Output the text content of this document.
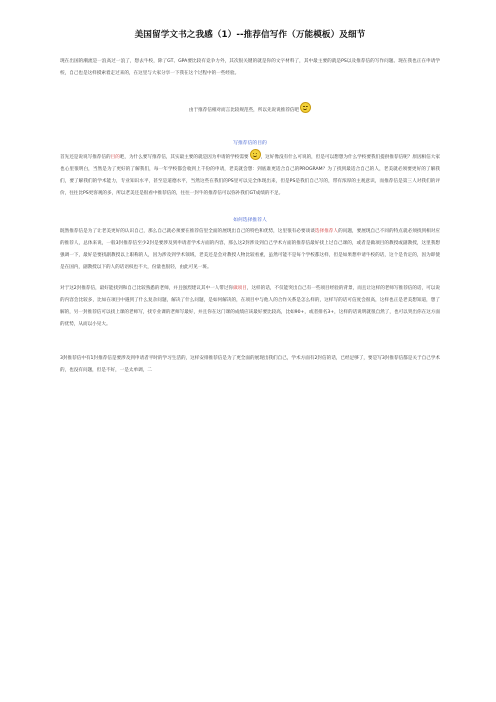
美国留学文书之我感（1）--推荐信写作（万能模板）及细节

现在出国的潮流是一浪高过一浪了，想去牛校，除了GT、GPA要比较有竞争力外，其次很关键的就是你的文字材料了，其中最主要的就是PS以及推荐信的写作问题。现在我也正在申请学校，自己也是这样摸索着走过来的，在这里与大家分享一下我在这个过程中的一些经验。

由于推荐信相对而言比较规范些，所以先说说推荐信吧

写推荐信的目的

首先还是说说写推荐信的目的吧，为什么要写推荐信，其实最主要的就是因为申请的学校需要	，这好像没有什么可说的，但是可以想想为什么学校要我们提供推荐信呢？原因相信大家也心里很明白，当然是为了更好的了解我们，每一年学校都会收到上千份的申请，老美就会想：到底谁更适合自己的PROGRAM？为了找到最适合自己的人，老美就必须要更好的了解我们，要了解我们的学术能力，专业知识水平，甚至是道德水平，当然这些在我们的PS里可以完全体现出来，但是PS是我们自己写的，带有浓厚的主观意识，而推荐信是第三人对我们的评价，往往比PS更客观的多，所以老美还是很看中推荐信的，往往一封牛的推荐信可以弥补我们GT成绩的不足。

如何选择推荐人

既然推荐信是为了让老美更好的认识自己，那么自己就必须要在推荐信里全面的展现出自己的特色和优势，这里很有必要谈谈选择推荐人的问题，要展现自己不同的特点就必须找到相对应的推荐人，总体来说，一般3封推荐信至少2封是要涉及到申请者学术方面的内容，那么这2封涉及到自己学术方面的推荐信最好找上过自己课的，或者是做项目的教授或副教授，这里我想强调一下，最好是要找副教授以上职称的人，因为涉及到学术领域，老美还是会对教授人物比较看重，虽然可能不是每个学校都这样，但是如果想申请牛校的话，这个是肯定的，因为即使是在国内，副教授以下的人的话语权也不大，份量也很轻，由此可见一斑。

对于这2封推荐信，最好能找到和自己比较熟悉的老师，并且强烈建议其中一人带过你做项目，这样的话，不仅能突出自己有一些项目经验的背景，而且让这样的老师写推荐信的话，可以说的内容会比较多，比如在项目中遇到了什么复杂问题，解决了什么问题，是如何解决的，在项目中与他人的合作关系是怎么样的，这样写的话可信度会很高，这样也正是老美想知道，想了解的，另一封推荐信可以找上课的老师写，找专业课的老师写最好，并且你在这门课的成绩应该最好要比较高，比如90+，或者排名3+，这样的话说明就很自然了，也可以突出你在这方面的优势，从而以小见大。

3封推荐信中有1封推荐信是要涉及到申请者平时的学习生活的，这样安排推荐信是为了更全面的展现出我们自己，学术方面有2封信的话，已经足够了，要是写3封推荐信都是关于自己学术的，也没有问题，但是不好，一是太单调，二
